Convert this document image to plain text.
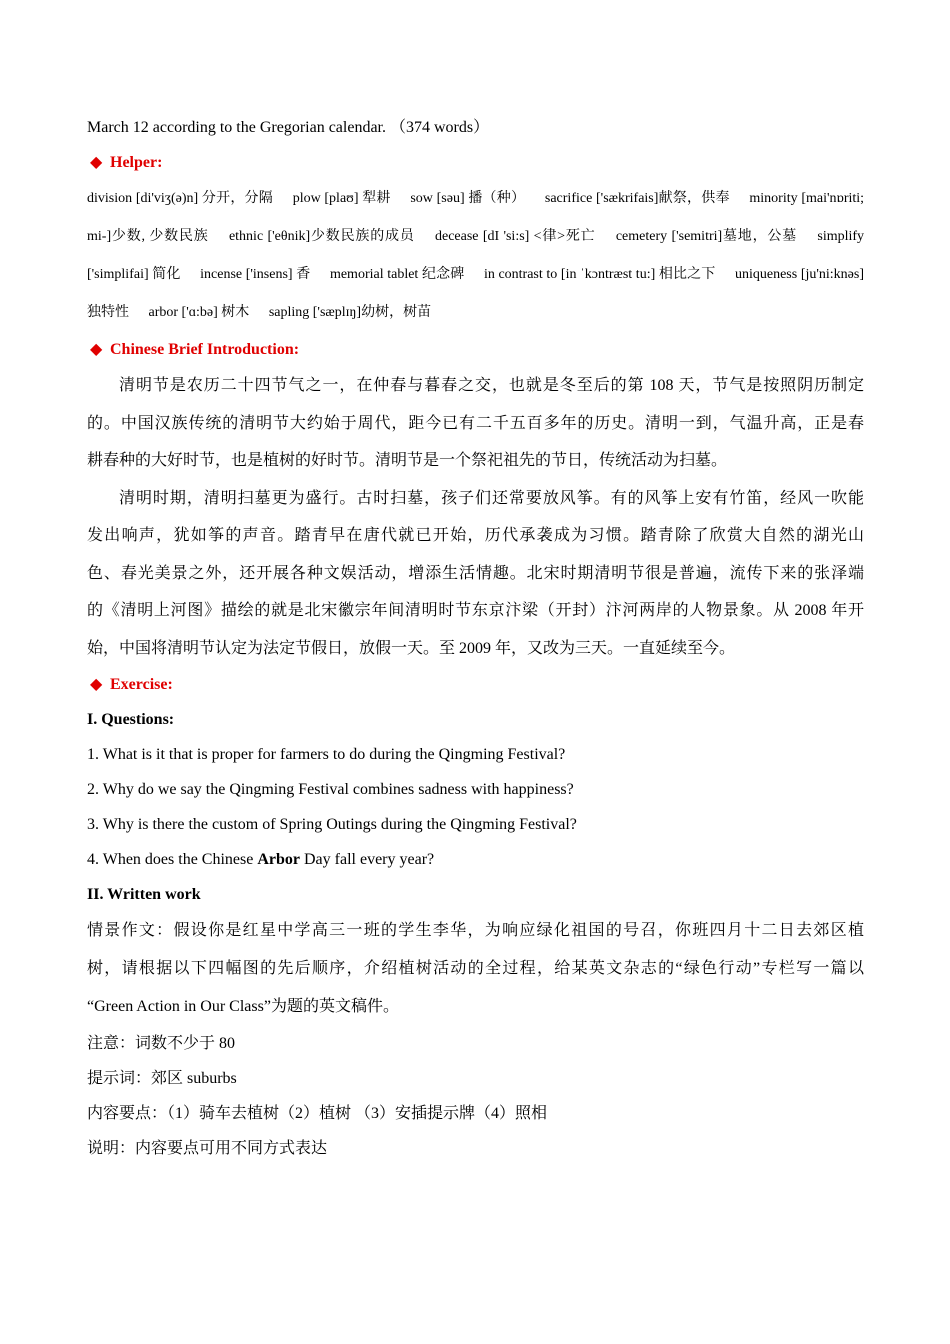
March 12 according to the Gregorian calendar. （374 words）

◆ Helper:

division [di'viʒ(ə)n] 分开，分隔 plow [plaʊ] 犁耕 sow [səu] 播（种） sacrifice ['sækrifais]献祭，供奉 minority [mai'nɒriti;

mi-]少数, 少数民族 ethnic ['eθnik]少数民族的成员 decease [dI 'si:s] <律>死亡 cemetery ['semitri]墓地，公墓 simplify

['simplifai] 简化 incense ['insens] 香 memorial tablet 纪念碑 in contrast to [in ˈkɔntræst tu:] 相比之下 uniqueness [ju'ni:knəs]

独特性 arbor ['ɑ:bə] 树木 sapling ['sæplɪŋ]幼树，树苗

◆ Chinese Brief Introduction:

清明节是农历二十四节气之一，在仲春与暮春之交，也就是冬至后的第 108 天，节气是按照阴历制定
的。中国汉族传统的清明节大约始于周代，距今已有二千五百多年的历史。清明一到，气温升高，正是春
耕春种的大好时节，也是植树的好时节。清明节是一个祭祀祖先的节日，传统活动为扫墓。
清明时期，清明扫墓更为盛行。古时扫墓，孩子们还常要放风筝。有的风筝上安有竹笛，经风一吹能
发出响声，犹如筝的声音。踏青早在唐代就已开始，历代承袭成为习惯。踏青除了欣赏大自然的湖光山
色、春光美景之外，还开展各种文娱活动，增添生活情趣。北宋时期清明节很是普遍，流传下来的张泽端
的《清明上河图》描绘的就是北宋徽宗年间清明时节东京汴梁（开封）汴河两岸的人物景象。从 2008 年开
始，中国将清明节认定为法定节假日，放假一天。至 2009 年，又改为三天。一直延续至今。

◆ Exercise:

I. Questions:

1. What is it that is proper for farmers to do during the Qingming Festival?

2. Why do we say the Qingming Festival combines sadness with happiness?

3. Why is there the custom of Spring Outings during the Qingming Festival?

4. When does the Chinese Arbor Day fall every year?

II. Written work

情景作文：假设你是红星中学高三一班的学生李华，为响应绿化祖国的号召，你班四月十二日去郊区植
树，请根据以下四幅图的先后顺序，介绍植树活动的全过程，给某英文杂志的“绿色行动”专栏写一篇以
“Green Action in Our Class”为题的英文稿件。

注意：词数不少于 80

提示词：郊区 suburbs

内容要点：（1）骑车去植树（2）植树 （3）安插提示牌（4）照相

说明：内容要点可用不同方式表达
